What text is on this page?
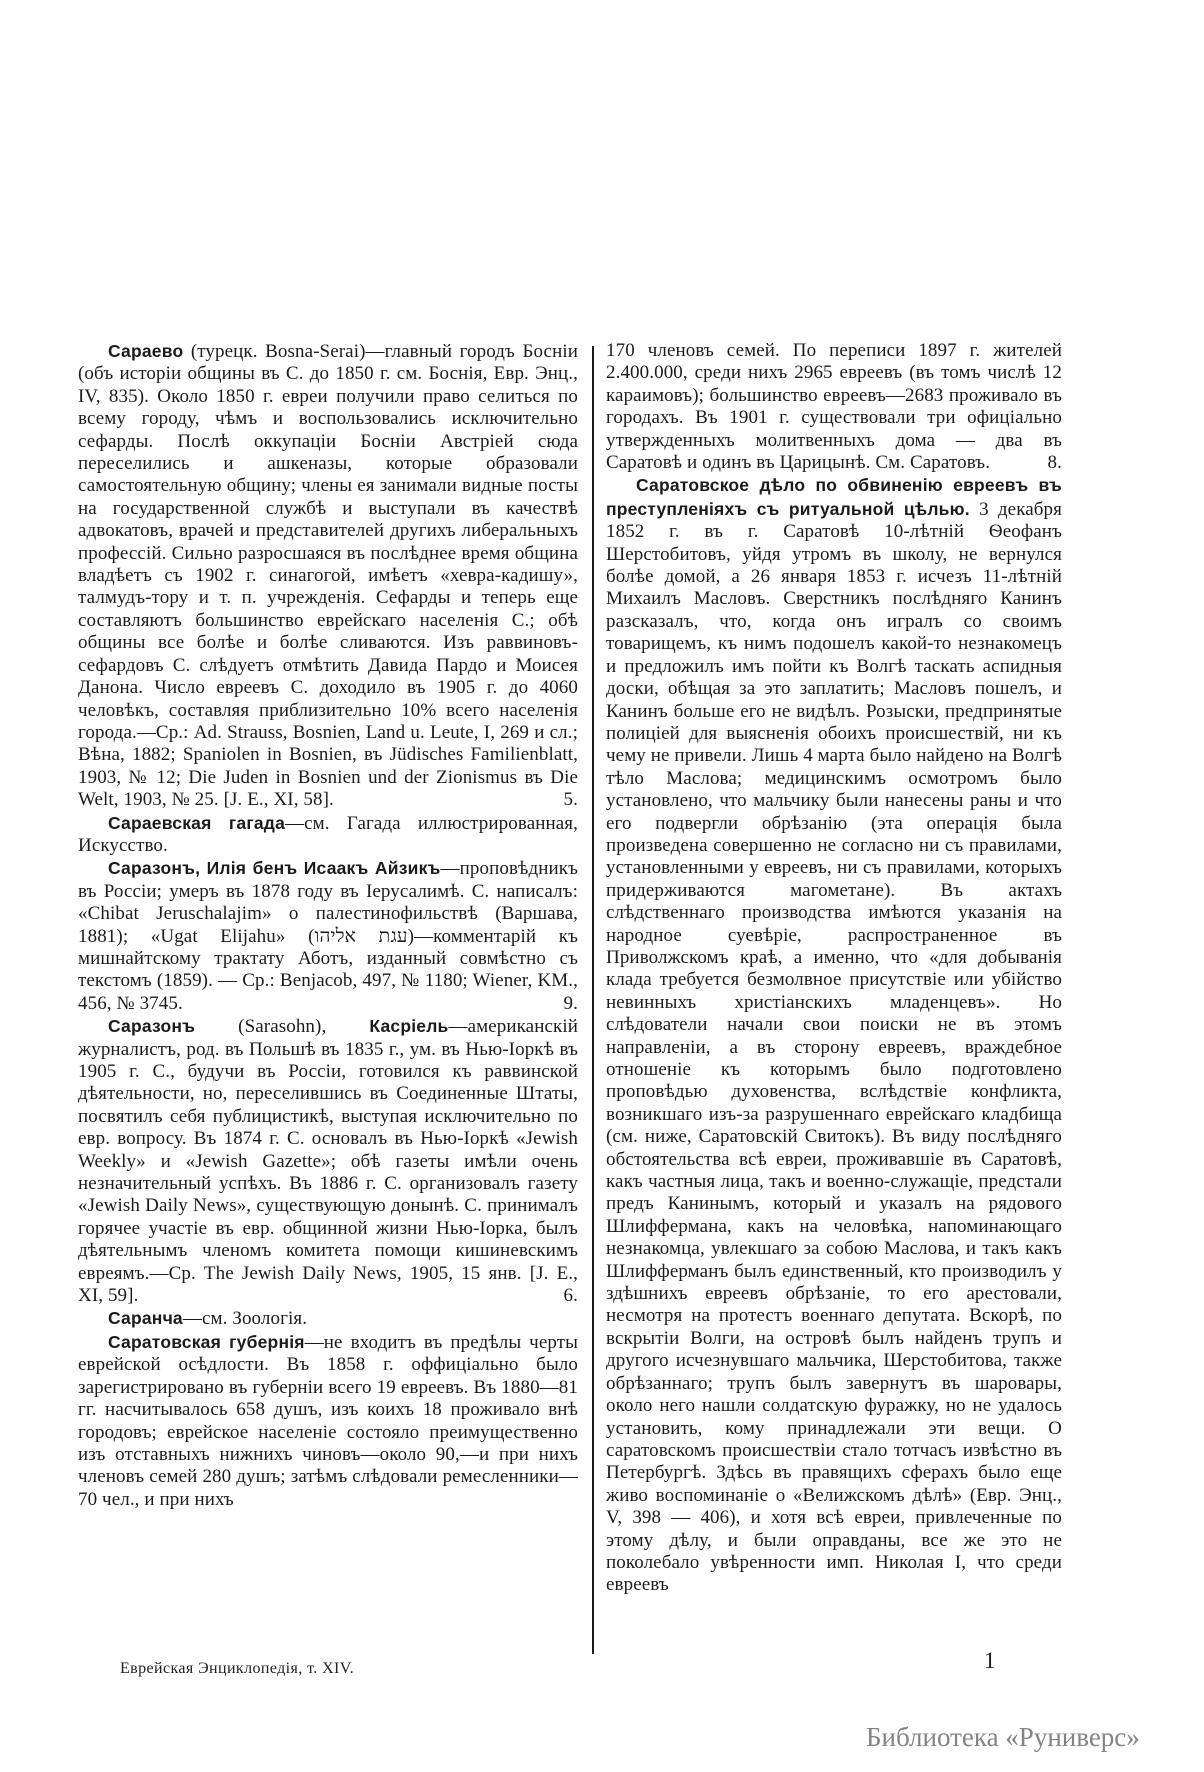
Сараево (турецк. Bosna-Serai)—главный городъ Босніи (объ исторіи общины въ С. до 1850 г. см. Боснія, Евр. Энц., IV, 835). Около 1850 г. евреи получили право селиться по всему городу, чѣмъ и воспользовались исключительно сефарды. Послѣ оккупаціи Босніи Австріей сюда переселились и ашкеназы, которые образовали самостоятельную общину; члены ея занимали видные посты на государственной службѣ и выступали въ качествѣ адвокатовъ, врачей и представителей другихъ либеральныхъ профессій. Сильно разросшаяся въ послѣднее время община владѣетъ съ 1902 г. синагогой, имѣетъ «хевра-кадишу», талмудъ-тору и т. п. учрежденія. Сефарды и теперь еще составляютъ большинство еврейскаго населенія С.; обѣ общины все болѣе и болѣе сливаются. Изъ раввиновъ-сефардовъ С. слѣдуетъ отмѣтить Давида Пардо и Моисея Данона. Число евреевъ С. доходило въ 1905 г. до 4060 человѣкъ, составляя приблизительно 10% всего населенія города.—Ср.: Ad. Strauss, Bosnien, Land u. Leute, I, 269 и сл.; Вѣна, 1882; Spaniolen in Bosnien, въ Jüdisches Familienblatt, 1903, № 12; Die Juden in Bosnien und der Zionismus въ Die Welt, 1903, № 25. [J. E., XI, 58].	5.

Сараевская гагада—см. Гагада иллюстрированная, Искусство.

Саразонъ, Илія бенъ Исаакъ Айзикъ—проповѣдникъ въ Россіи; умеръ въ 1878 году въ Іерусалимѣ. С. написалъ: «Chibat Jeruschalajim» о палестинофильствѣ (Варшава, 1881); «Ugat Elijahu» (עגת אליהו)—комментарій къ мишнайтскому трактату Аботъ, изданный совмѣстно съ текстомъ (1859). — Ср.: Benjacob, 497, № 1180; Wiener, KM., 456, № 3745.	9.

Саразонъ (Sarasohn), Касріель—американскій журналистъ, род. въ Польшѣ въ 1835 г., ум. въ Нью-Іоркѣ въ 1905 г. С., будучи въ Россіи, готовился къ раввинской дѣятельности, но, переселившись въ Соединенные Штаты, посвятилъ себя публицистикѣ, выступая исключительно по евр. вопросу. Въ 1874 г. С. основалъ въ Нью-Іоркѣ «Jewish Weekly» и «Jewish Gazette»; обѣ газеты имѣли очень незначительный успѣхъ. Въ 1886 г. С. организовалъ газету «Jewish Daily News», существующую донынѣ. С. принималъ горячее участіе въ евр. общинной жизни Нью-Іорка, былъ дѣятельнымъ членомъ комитета помощи кишиневскимъ евреямъ.—Ср. The Jewish Daily News, 1905, 15 янв. [J. E., XI, 59].	6.

Саранча—см. Зоологія.

Саратовская губернія—не входитъ въ предѣлы черты еврейской осѣдлости. Въ 1858 г. оффиціально было зарегистрировано въ губерніи всего 19 евреевъ. Въ 1880—81 гг. насчитывалось 658 душъ, изъ коихъ 18 проживало внѣ городовъ; еврейское населеніе состояло преимущественно изъ отставныхъ нижнихъ чиновъ—около 90,—и при нихъ членовъ семей 280 душъ; затѣмъ слѣдовали ремесленники—70 чел., и при нихъ

170 членовъ семей. По переписи 1897 г. жителей 2.400.000, среди нихъ 2965 евреевъ (въ томъ числѣ 12 караимовъ); большинство евреевъ—2683 проживало въ городахъ. Въ 1901 г. существовали три офиціально утвержденныхъ молитвенныхъ дома — два въ Саратовѣ и одинъ въ Царицынѣ. См. Саратовъ.	8.

Саратовское дѣло по обвиненію евреевъ въ преступленіяхъ съ ритуальной цѣлью. 3 декабря 1852 г. въ г. Саратовѣ 10-лѣтній Ѳеофанъ Шерстобитовъ, уйдя утромъ въ школу, не вернулся болѣе домой, а 26 января 1853 г. исчезъ 11-лѣтній Михаилъ Масловъ. Сверстникъ послѣдняго Канинъ разсказалъ, что, когда онъ игралъ со своимъ товарищемъ, къ нимъ подошелъ какой-то незнакомецъ и предложилъ имъ пойти къ Волгѣ таскать аспидныя доски, обѣщая за это заплатить; Масловъ пошелъ, и Канинъ больше его не видѣлъ. Розыски, предпринятые полиціей для выясненія обоихъ происшествій, ни къ чему не привели. Лишь 4 марта было найдено на Волгѣ тѣло Маслова; медицинскимъ осмотромъ было установлено, что мальчику были нанесены раны и что его подвергли обрѣзанію (эта операція была произведена совершенно не согласно ни съ правилами, установленными у евреевъ, ни съ правилами, которыхъ придерживаются магометане). Въ актахъ слѣдственнаго производства имѣются указанія на народное суевѣріе, распространенное въ Приволжскомъ краѣ, а именно, что «для добыванія клада требуется безмолвное присутствіе или убійство невинныхъ христіанскихъ младенцевъ». Но слѣдователи начали свои поиски не въ этомъ направленіи, а въ сторону евреевъ, враждебное отношеніе къ которымъ было подготовлено проповѣдью духовенства, вслѣдствіе конфликта, возникшаго изъ-за разрушеннаго еврейскаго кладбища (см. ниже, Саратовскій Свитокъ). Въ виду послѣдняго обстоятельства всѣ евреи, проживавшіе въ Саратовѣ, какъ частныя лица, такъ и военно-служащіе, предстали предъ Канинымъ, который и указалъ на рядового Шлиффермана, какъ на человѣка, напоминающаго незнакомца, увлекшаго за собою Маслова, и такъ какъ Шлифферманъ былъ единственный, кто производилъ у здѣшнихъ евреевъ обрѣзаніе, то его арестовали, несмотря на протестъ военнаго депутата. Вскорѣ, по вскрытіи Волги, на островѣ былъ найденъ трупъ и другого исчезнувшаго мальчика, Шерстобитова, также обрѣзаннаго; трупъ былъ завернутъ въ шаровары, около него нашли солдатскую фуражку, но не удалось установить, кому принадлежали эти вещи. О саратовскомъ происшествіи стало тотчасъ извѣстно въ Петербургѣ. Здѣсь въ правящихъ сферахъ было еще живо воспоминаніе о «Велижскомъ дѣлѣ» (Евр. Энц., V, 398 — 406), и хотя всѣ евреи, привлеченные по этому дѣлу, и были оправданы, все же это не поколебало увѣренности имп. Николая I, что среди евреевъ

Еврейская Энциклопедія, т. XIV.	1
Библиотека «Руниверс»
